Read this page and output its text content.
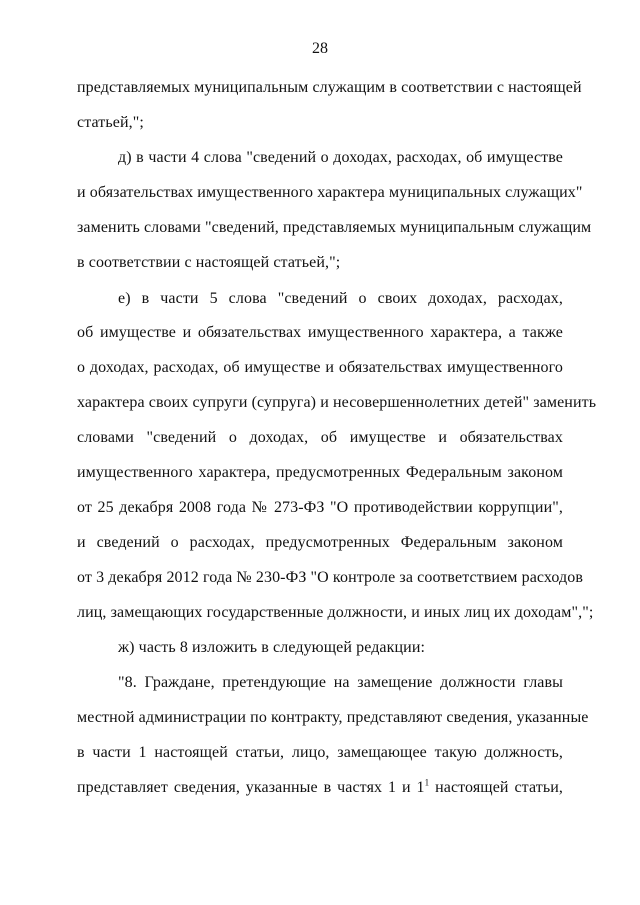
28
представляемых муниципальным служащим в соответствии с настоящей
статьей,";
д) в части 4 слова "сведений о доходах, расходах, об имуществе
и обязательствах имущественного характера муниципальных служащих"
заменить словами "сведений, представляемых муниципальным служащим
в соответствии с настоящей статьей,";
е) в части 5 слова "сведений о своих доходах, расходах,
об имуществе и обязательствах имущественного характера, а также
о доходах, расходах, об имуществе и обязательствах имущественного
характера своих супруги (супруга) и несовершеннолетних детей" заменить
словами "сведений о доходах, об имуществе и обязательствах
имущественного характера, предусмотренных Федеральным законом
от 25 декабря 2008 года № 273-ФЗ "О противодействии коррупции",
и сведений о расходах, предусмотренных Федеральным законом
от 3 декабря 2012 года № 230-ФЗ "О контроле за соответствием расходов
лиц, замещающих государственные должности, и иных лиц их доходам",";
ж) часть 8 изложить в следующей редакции:
"8. Граждане, претендующие на замещение должности главы
местной администрации по контракту, представляют сведения, указанные
в части 1 настоящей статьи, лицо, замещающее такую должность,
представляет сведения, указанные в частях 1 и $1^1$ настоящей статьи,
